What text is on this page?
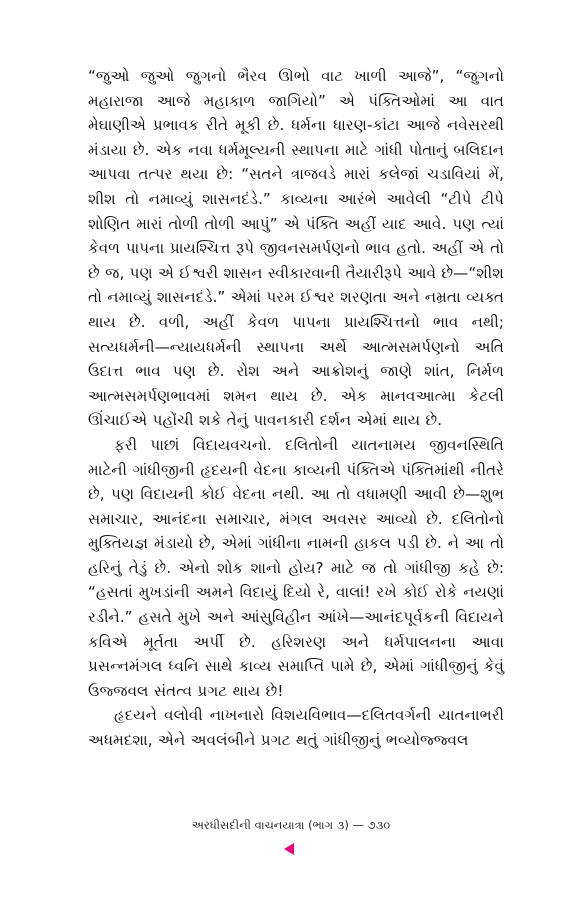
“જુઓ જુઓ જુગનો ભૈરવ ઊભો વાટ ખાળી આજે”, “જુગનો મહારાજા આજે મહાકાળ જાગિયો” એ પંક્તિઓમાં આ વાત મેઘાણીએ પ્રભાવક રીતે મૂકી છે. ધર્મના ધારણ-કાંટા આજે નવેસરથી મંડાયા છે. એક નવા ધર્મમૂલ્યની સ્થાપના માટે ગાંધી પોતાનું બલિદાન આપવા તત્પર થયા છે: “સતને ત્રાજવડે મારાં કલેજાં ચડાવિયાં મેં, શીશ તો નમાવ્યું શાસનદંડે.” કાવ્યના આરંભે આવેલી “ટીપે ટીપે શોણિત મારાં તોળી તોળી આપું” એ પંક્તિ અહીં યાદ આવે. પણ ત્યાં કેવળ પાપના પ્રાયશ્ચિત્ત રૂપે જીવનસમર્પણનો ભાવ હતો. અહીં એ તો છે જ, પણ એ ઈશ્વરી શાસન સ્વીકારવાની તૈયારીરૂપે આવે છે—“શીશ તો નમાવ્યું શાસનદંડે.” એમાં પરમ ઈશ્વર શરણતા અને નમ્રતા વ્યક્ત થાય છે. વળી, અહીં કેવળ પાપના પ્રાયશ્ચિત્તનો ભાવ નથી; સત્યધર્મની—ન્યાયધર્મની સ્થાપના અર્થે આત્મસમર્પણનો અતિ ઉદાત્ત ભાવ પણ છે. રોશ અને આક્રોશનું જાણે શાંત, નિર્મળ આત્મસમર્પણભાવમાં શમન થાય છે. એક માનવઆત્મા કેટલી ઊંચાઈએ પહોંચી શકે તેનું પાવનકારી દર્શન એમાં થાય છે.

ફરી પાછાં વિદાયવચનો. દલિતોની યાતનામય જીવનસ્થિતિ માટેની ગાંધીજીની હૃદયની વેદના કાવ્યની પંક્તિએ પંક્તિમાંથી નીતરે છે, પણ વિદાયની કોઈ વેદના નથી. આ તો વધામણી આવી છે—શુભ સમાચાર, આનંદના સમાચાર, મંગલ અવસર આવ્યો છે. દલિતોનો મુક્તિયજ્ઞ મંડાયો છે, એમાં ગાંધીના નામની હાકલ પડી છે. ને આ તો હરિનું તેડું છે. એનો શોક શાનો હોય? માટે જ તો ગાંધીજી કહે છે: “હસતાં મુખડાંની અમને વિદાયું દિયો રે, વાલાં! રખે કોઈ રોકે નયણાં રડીને.” હસતે મુખે અને આંસુવિહીન આંખે—આનંદપૂર્વકની વિદાયને કવિએ મૂર્તતા અર્પી છે. હરિશરણ અને ધર્મપાલનના આવા પ્રસન્નમંગલ ધ્વનિ સાથે કાવ્ય સમાપ્તિ પામે છે, એમાં ગાંધીજીનું કેવું ઉજ્જવલ સંતત્વ પ્રગટ થાય છે!

હૃદયને વલોવી નાખનારો વિશયવિભાવ—દલિતવર્ગની યાતનાભરી અધમદશા, એને અવલંબીને પ્રગટ થતું ગાંધીજીનું ભવ્યોજ્જ્વલ

અરધીસદીની વાચનયાત્રા (ભાગ ૩) — ૭૩૦
